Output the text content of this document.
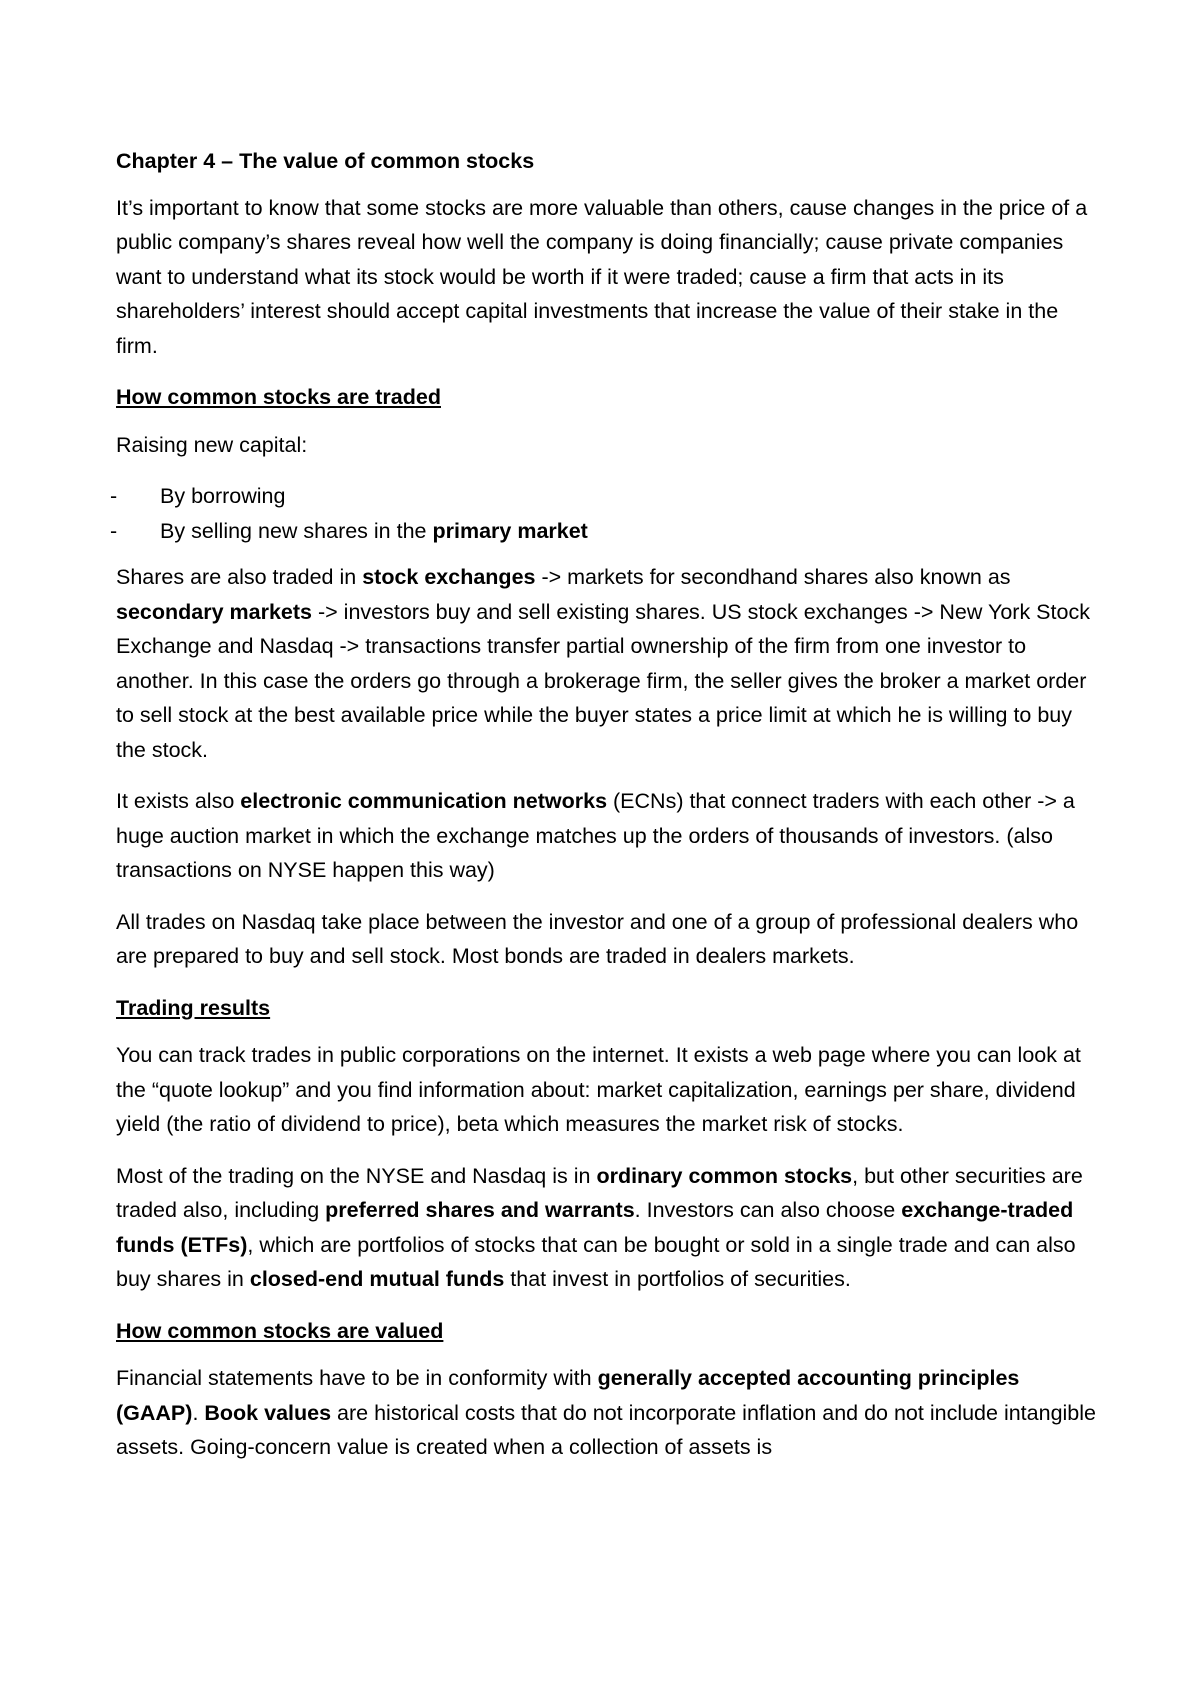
Chapter 4 – The value of common stocks

It’s important to know that some stocks are more valuable than others, cause changes in the price of a public company’s shares reveal how well the company is doing financially; cause private companies want to understand what its stock would be worth if it were traded; cause a firm that acts in its shareholders’ interest should accept capital investments that increase the value of their stake in the firm.

How common stocks are traded

Raising new capital:

- By borrowing
- By selling new shares in the primary market

Shares are also traded in stock exchanges -> markets for secondhand shares also known as secondary markets -> investors buy and sell existing shares. US stock exchanges -> New York Stock Exchange and Nasdaq -> transactions transfer partial ownership of the firm from one investor to another. In this case the orders go through a brokerage firm, the seller gives the broker a market order to sell stock at the best available price while the buyer states a price limit at which he is willing to buy the stock.

It exists also electronic communication networks (ECNs) that connect traders with each other -> a huge auction market in which the exchange matches up the orders of thousands of investors. (also transactions on NYSE happen this way)

All trades on Nasdaq take place between the investor and one of a group of professional dealers who are prepared to buy and sell stock. Most bonds are traded in dealers markets.

Trading results

You can track trades in public corporations on the internet. It exists a web page where you can look at the “quote lookup” and you find information about: market capitalization, earnings per share, dividend yield (the ratio of dividend to price), beta which measures the market risk of stocks.

Most of the trading on the NYSE and Nasdaq is in ordinary common stocks, but other securities are traded also, including preferred shares and warrants. Investors can also choose exchange-traded funds (ETFs), which are portfolios of stocks that can be bought or sold in a single trade and can also buy shares in closed-end mutual funds that invest in portfolios of securities.

How common stocks are valued

Financial statements have to be in conformity with generally accepted accounting principles (GAAP). Book values are historical costs that do not incorporate inflation and do not include intangible assets. Going-concern value is created when a collection of assets is
